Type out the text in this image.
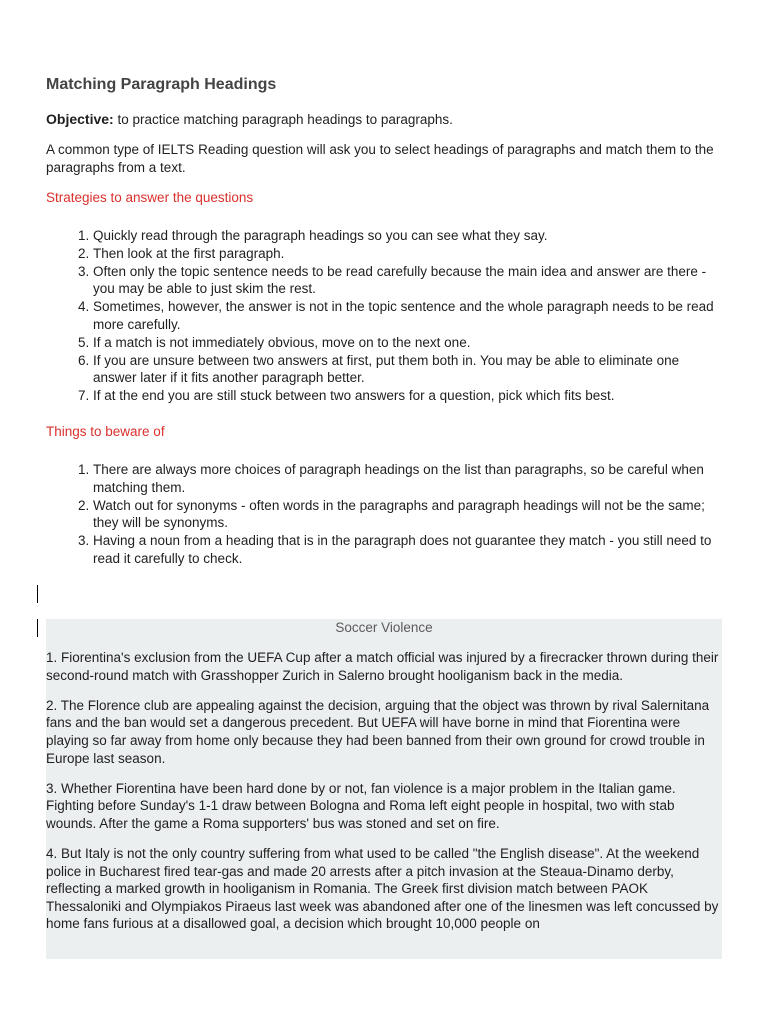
Matching Paragraph Headings

Objective: to practice matching paragraph headings to paragraphs.

A common type of IELTS Reading question will ask you to select headings of paragraphs and match them to the paragraphs from a text.

Strategies to answer the questions

1. Quickly read through the paragraph headings so you can see what they say.
2. Then look at the first paragraph.
3. Often only the topic sentence needs to be read carefully because the main idea and answer are there - you may be able to just skim the rest.
4. Sometimes, however, the answer is not in the topic sentence and the whole paragraph needs to be read more carefully.
5. If a match is not immediately obvious, move on to the next one.
6. If you are unsure between two answers at first, put them both in. You may be able to eliminate one answer later if it fits another paragraph better.
7. If at the end you are still stuck between two answers for a question, pick which fits best.

Things to beware of

1. There are always more choices of paragraph headings on the list than paragraphs, so be careful when matching them.
2. Watch out for synonyms - often words in the paragraphs and paragraph headings will not be the same; they will be synonyms.
3. Having a noun from a heading that is in the paragraph does not guarantee they match - you still need to read it carefully to check.

Soccer Violence

1. Fiorentina's exclusion from the UEFA Cup after a match official was injured by a firecracker thrown during their second-round match with Grasshopper Zurich in Salerno brought hooliganism back in the media.

2. The Florence club are appealing against the decision, arguing that the object was thrown by rival Salernitana fans and the ban would set a dangerous precedent. But UEFA will have borne in mind that Fiorentina were playing so far away from home only because they had been banned from their own ground for crowd trouble in Europe last season.

3. Whether Fiorentina have been hard done by or not, fan violence is a major problem in the Italian game. Fighting before Sunday's 1-1 draw between Bologna and Roma left eight people in hospital, two with stab wounds. After the game a Roma supporters' bus was stoned and set on fire.

4. But Italy is not the only country suffering from what used to be called "the English disease". At the weekend police in Bucharest fired tear-gas and made 20 arrests after a pitch invasion at the Steaua-Dinamo derby, reflecting a marked growth in hooliganism in Romania. The Greek first division match between PAOK Thessaloniki and Olympiakos Piraeus last week was abandoned after one of the linesmen was left concussed by home fans furious at a disallowed goal, a decision which brought 10,000 people on
